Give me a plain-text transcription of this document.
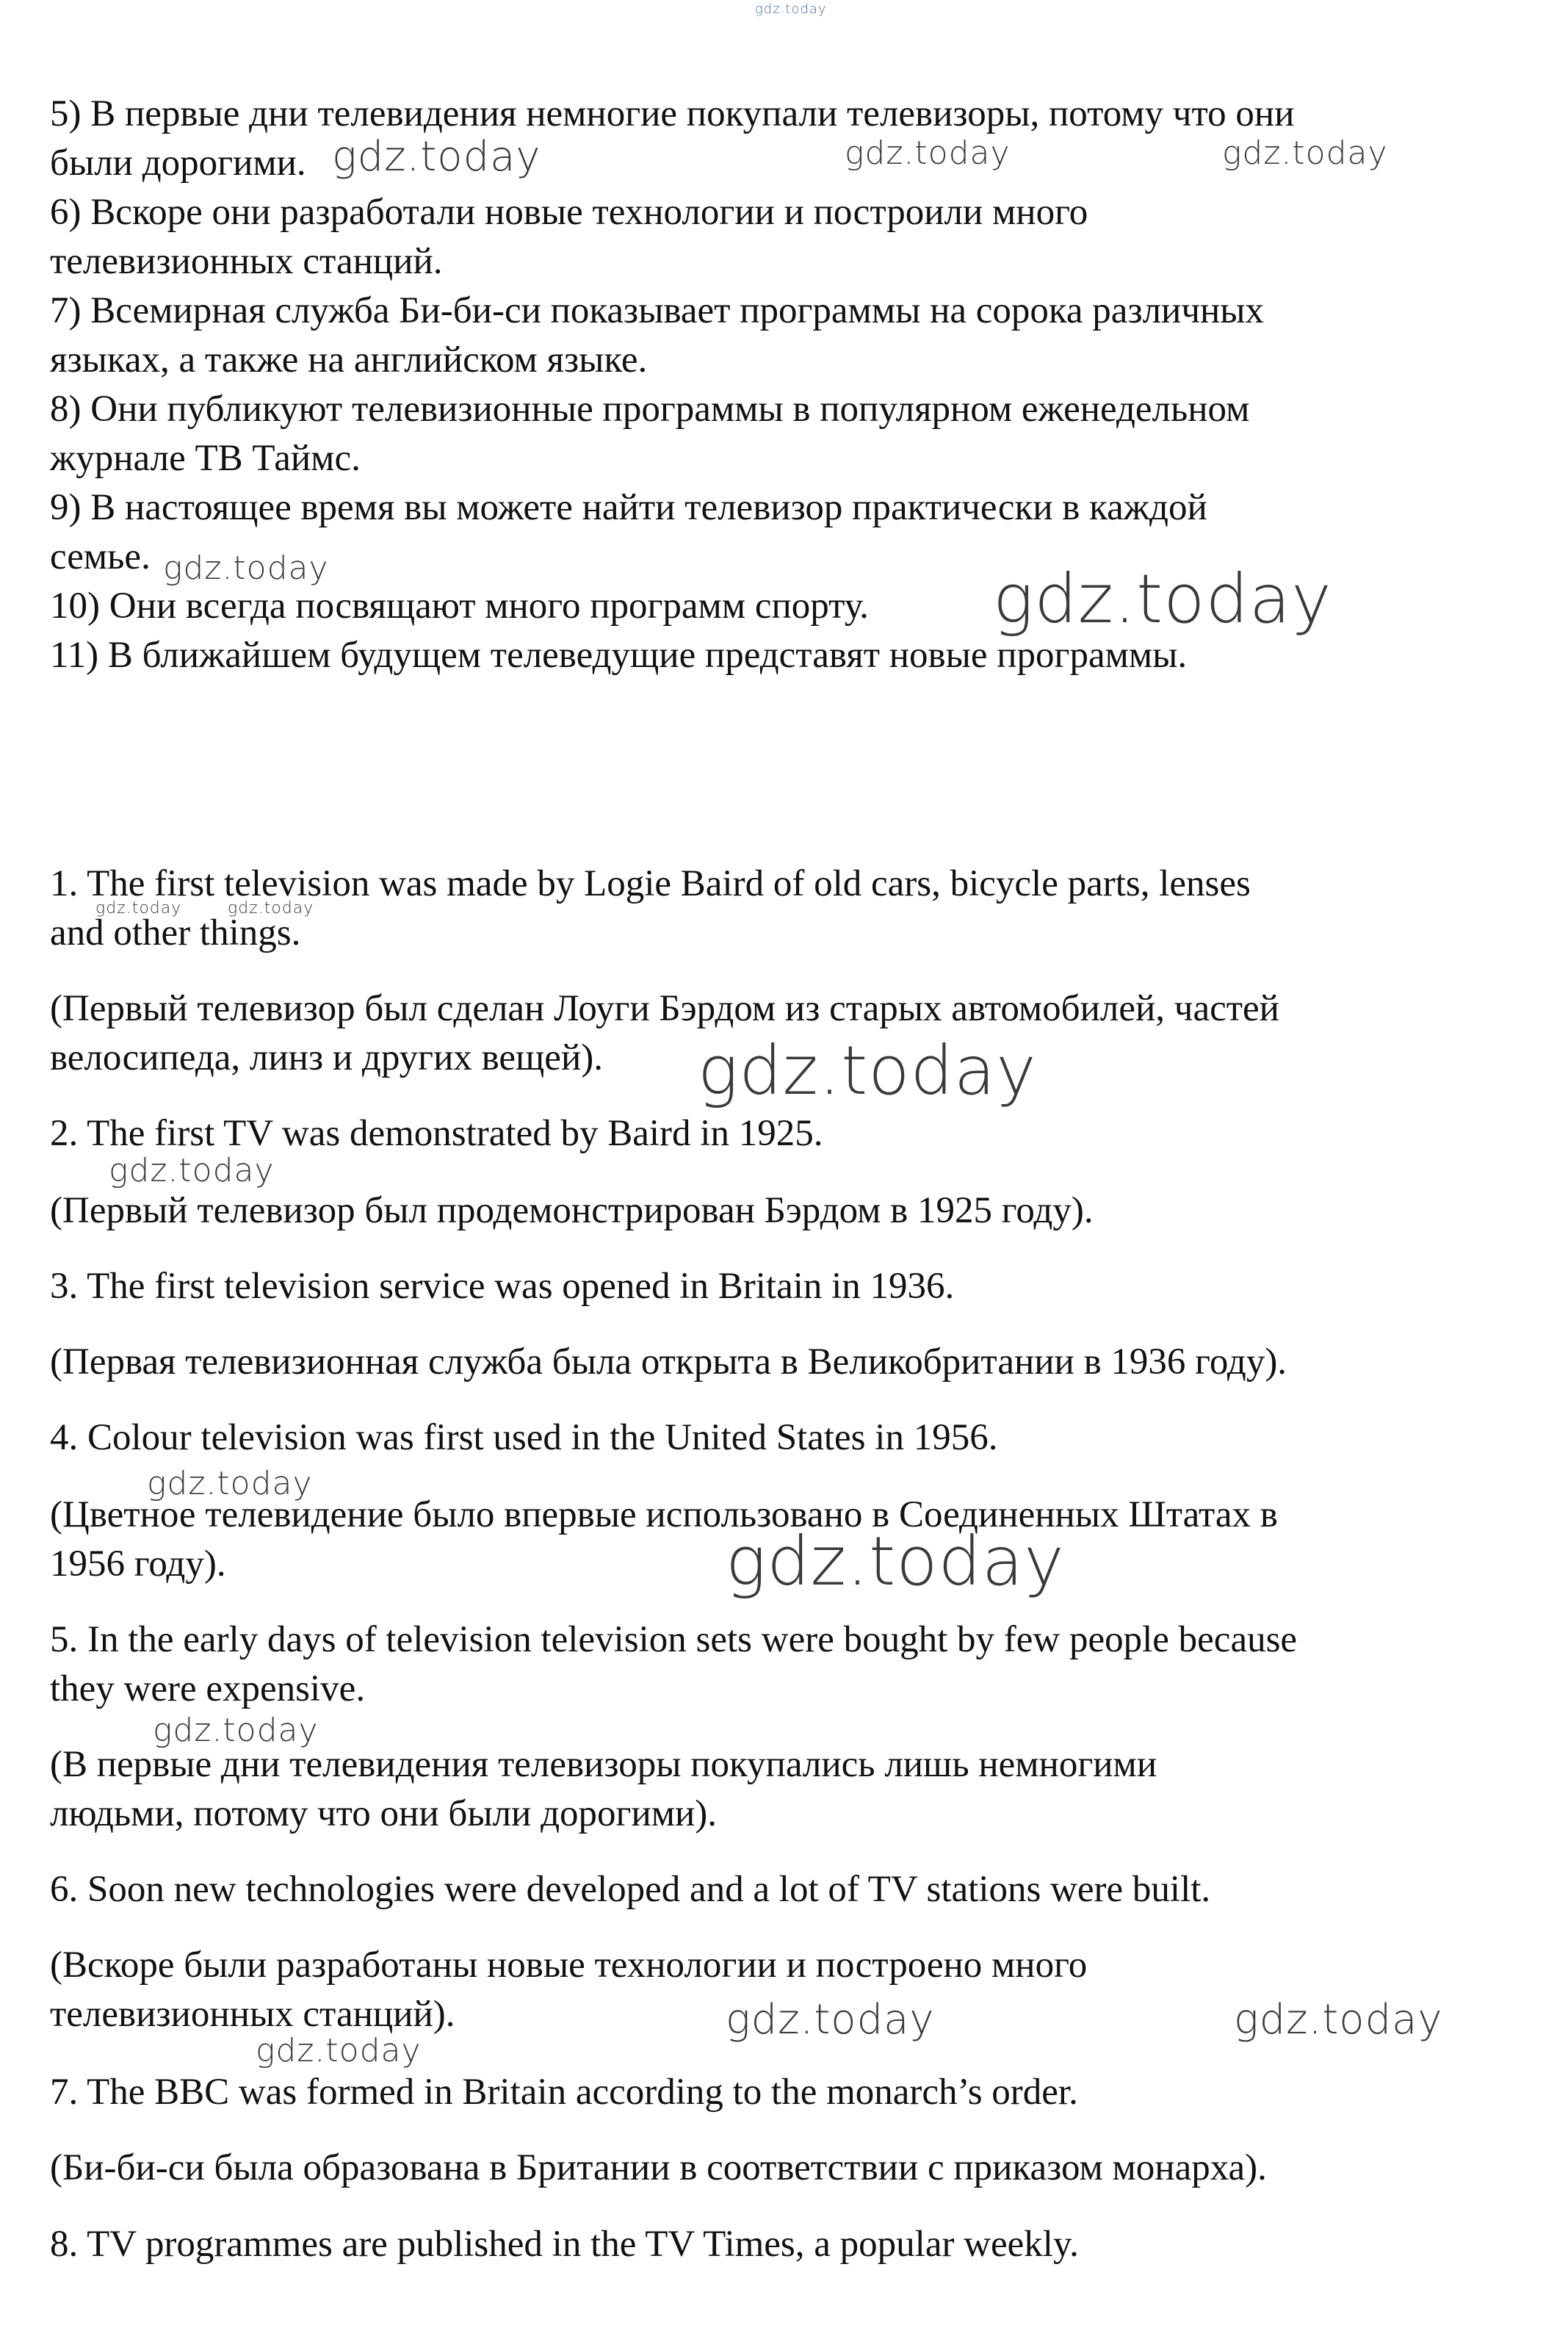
gdz.today

5) В первые дни телевидения немногие покупали телевизоры, потому что они

были дорогими.

6) Вскоре они разработали новые технологии и построили много

телевизионных станций.

7) Всемирная служба Би-би-си показывает программы на сорока различных

языках, а также на английском языке.

8) Они публикуют телевизионные программы в популярном еженедельном

журнале ТВ Таймс.

9) В настоящее время вы можете найти телевизор практически в каждой

семье.

10) Они всегда посвящают много программ спорту.

11) В ближайшем будущем телеведущие представят новые программы.

1. The first television was made by Logie Baird of old cars, bicycle parts, lenses

and other things.

(Первый телевизор был сделан Лоуги Бэрдом из старых автомобилей, частей

велосипеда, линз и других вещей).

2. The first TV was demonstrated by Baird in 1925.

(Первый телевизор был продемонстрирован Бэрдом в 1925 году).

3. The first television service was opened in Britain in 1936.

(Первая телевизионная служба была открыта в Великобритании в 1936 году).

4. Colour television was first used in the United States in 1956.

(Цветное телевидение было впервые использовано в Соединенных Штатах в

1956 году).

5. In the early days of television television sets were bought by few people because

they were expensive.

(В первые дни телевидения телевизоры покупались лишь немногими

людьми, потому что они были дорогими).

6. Soon new technologies were developed and a lot of TV stations were built.

(Вскоре были разработаны новые технологии и построено много

телевизионных станций).

7. The BBC was formed in Britain according to the monarch’s order.

(Би-би-си была образована в Британии в соответствии с приказом монарха).

8. TV programmes are published in the TV Times, a popular weekly.

gdz.today	gdz.today	gdz.today
gdz.today	gdz.today
gdz.today	gdz.today
gdz.today
gdz.today
gdz.today
gdz.today
gdz.today
gdz.today	gdz.today
gdz.today
